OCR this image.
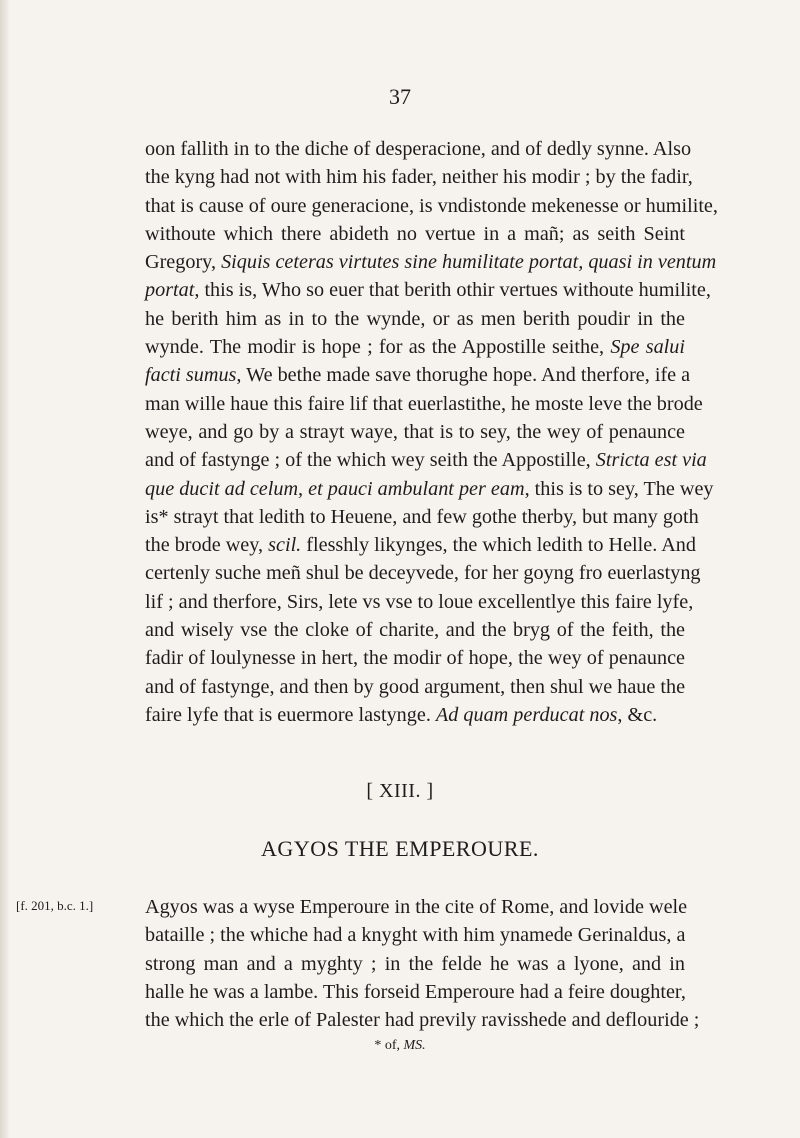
37
oon fallith in to the diche of desperacione, and of dedly synne. Also
the kyng had not with him his fader, neither his modir ; by the fadir,
that is cause of oure generacione, is vndistonde mekenesse or humilite,
withoute which there abideth no vertue in a mañ; as seith Seint
Gregory, Siquis ceteras virtutes sine humilitate portat, quasi in ventum
portat, this is, Who so euer that berith othir vertues withoute humilite,
he berith him as in to the wynde, or as men berith poudir in the
wynde. The modir is hope ; for as the Appostille seithe, Spe salui
facti sumus, We bethe made save thorughe hope. And therfore, ife a
man wille haue this faire lif that euerlastithe, he moste leve the brode
weye, and go by a strayt waye, that is to sey, the wey of penaunce
and of fastynge ; of the which wey seith the Appostille, Stricta est via
que ducit ad celum, et pauci ambulant per eam, this is to sey, The wey
is* strayt that ledith to Heuene, and few gothe therby, but many goth
the brode wey, scil. flesshly likynges, the which ledith to Helle. And
certenly suche meñ shul be deceyvede, for her goyng fro euerlastyng
lif ; and therfore, Sirs, lete vs vse to loue excellentlye this faire lyfe,
and wisely vse the cloke of charite, and the bryg of the feith, the
fadir of loulynesse in hert, the modir of hope, the wey of penaunce
and of fastynge, and then by good argument, then shul we haue the
faire lyfe that is euermore lastynge. Ad quam perducat nos, &c.
[ XIII. ]
AGYOS THE EMPEROURE.
[f. 201, b.c. 1.]	Agyos was a wyse Emperoure in the cite of Rome, and lovide wele
bataille ; the whiche had a knyght with him ynamede Gerinaldus, a
strong man and a myghty ; in the felde he was a lyone, and in
halle he was a lambe. This forseid Emperoure had a feire doughter,
the which the erle of Palester had previly ravisshede and deflouride ;
* of, MS.
